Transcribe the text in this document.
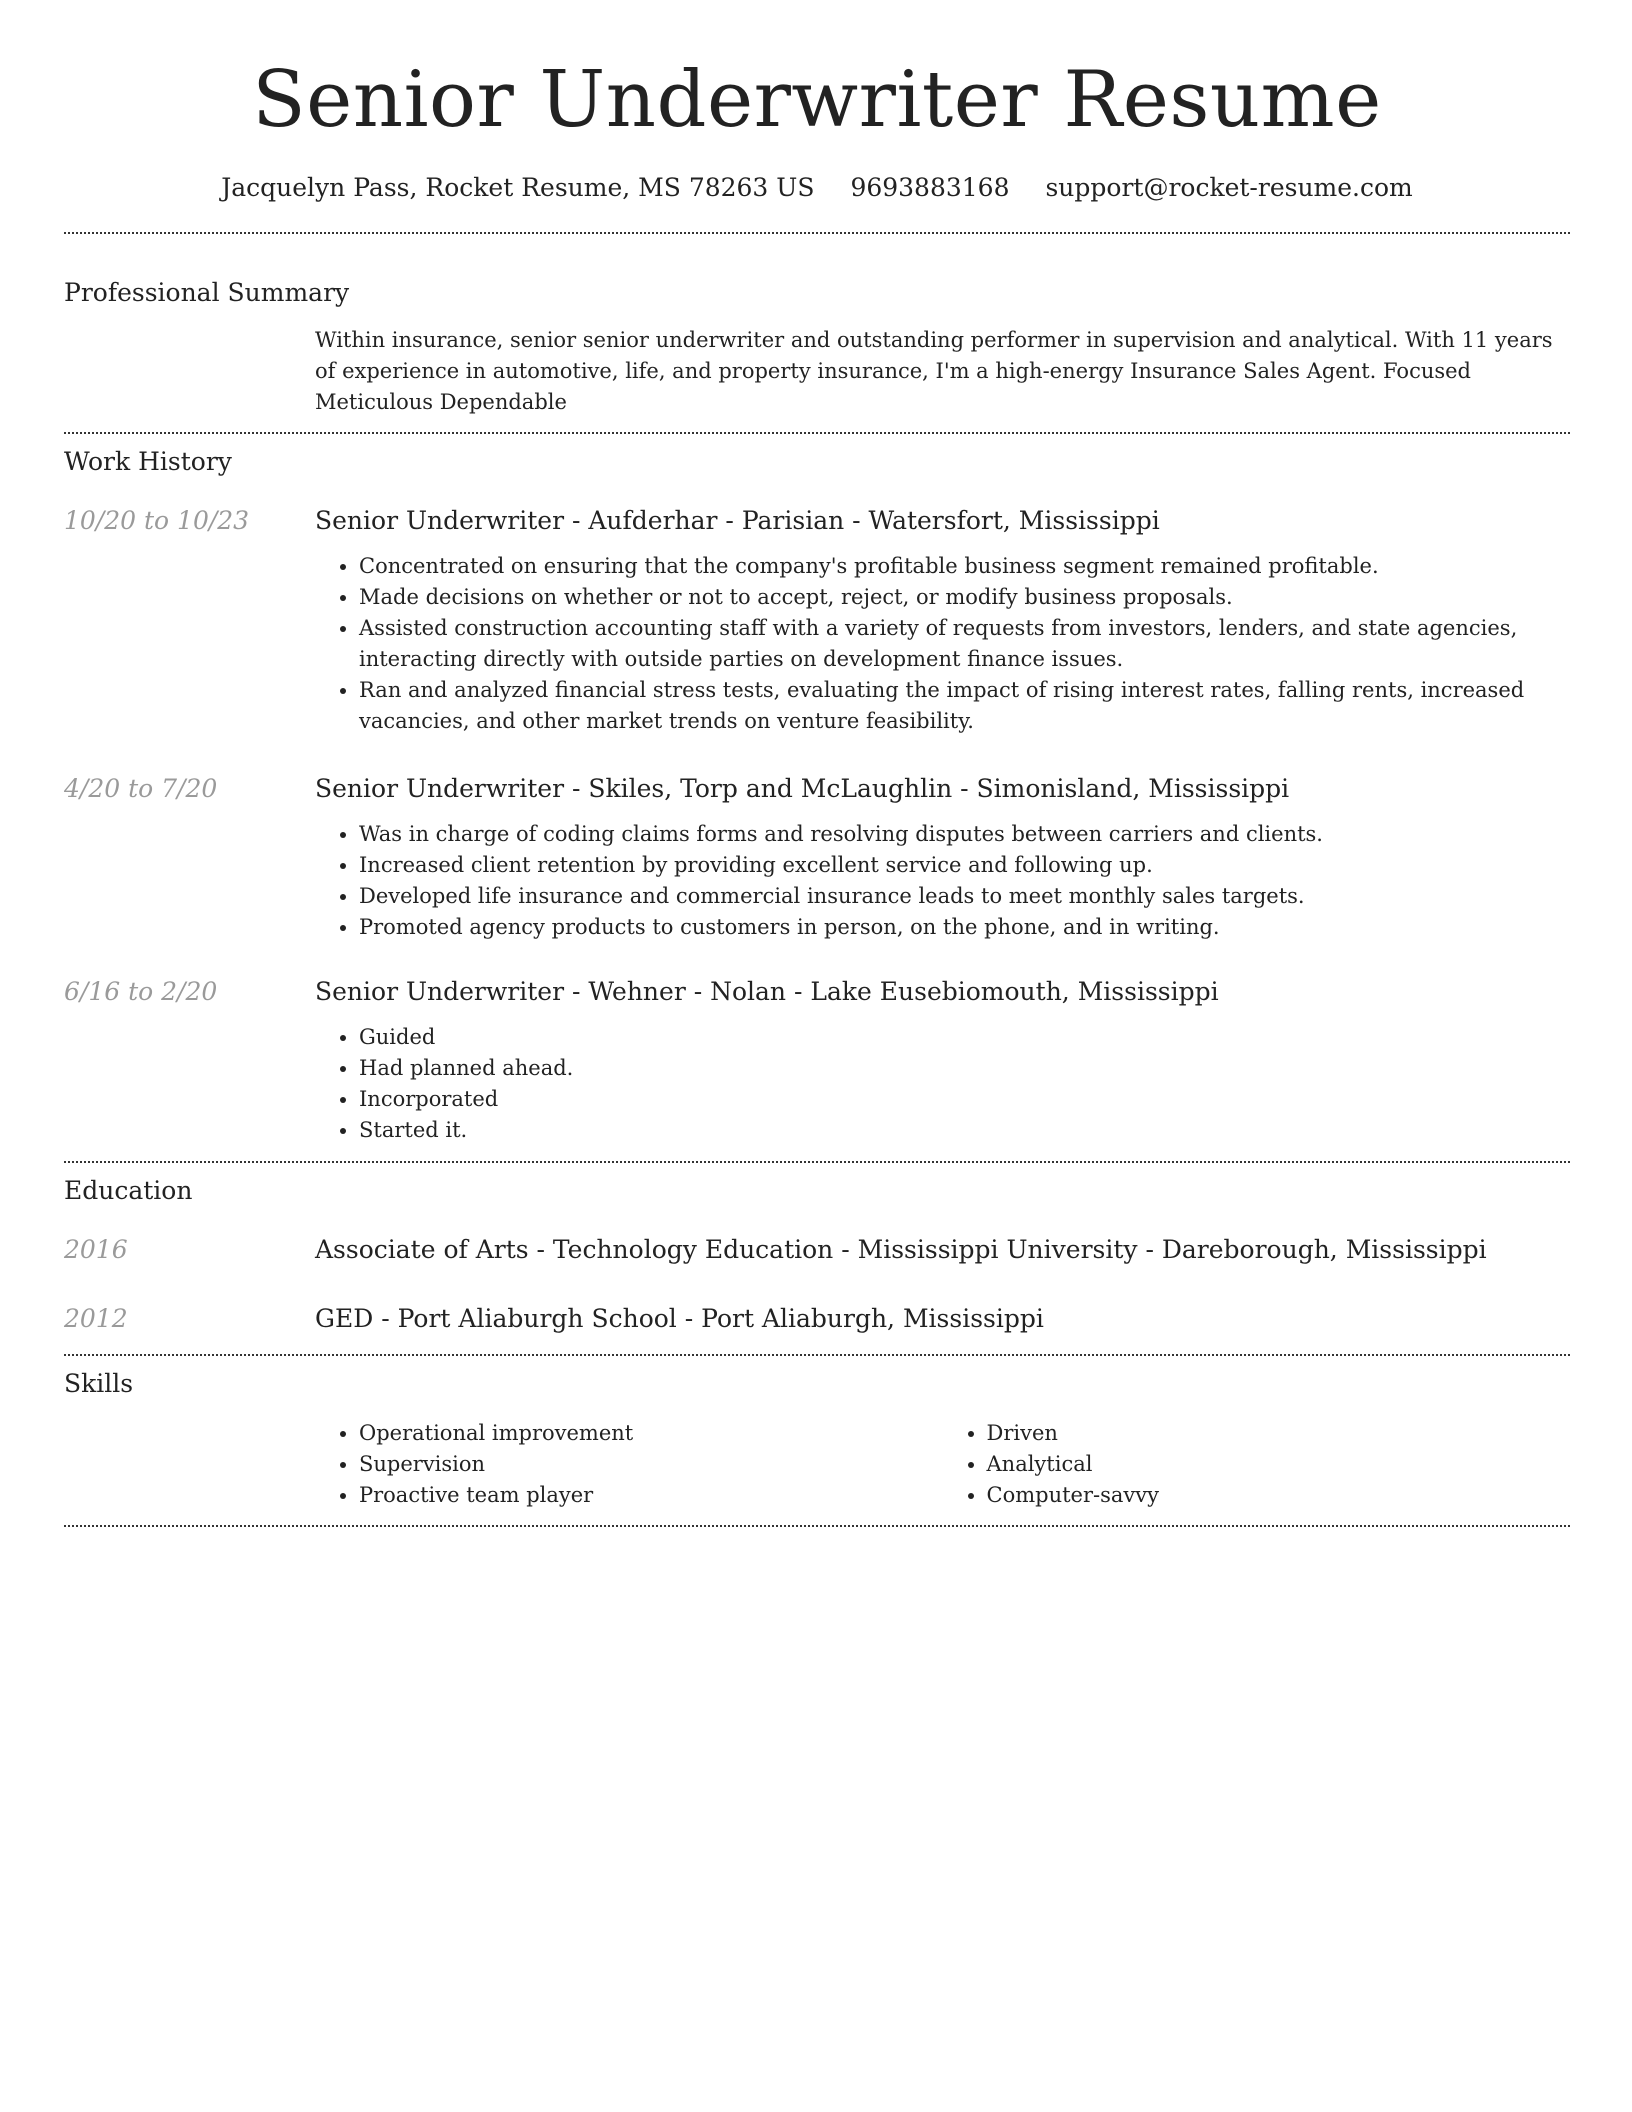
Senior Underwriter Resume
Jacquelyn Pass, Rocket Resume, MS 78263 US 9693883168 support@rocket-resume.com
Professional Summary

Within insurance, senior senior underwriter and outstanding performer in supervision and analytical. With 11 years of experience in automotive, life, and property insurance, I'm a high-energy Insurance Sales Agent. Focused Meticulous Dependable

Work History
10/20 to 10/23	Senior Underwriter - Aufderhar - Parisian - Watersfort, Mississippi
• Concentrated on ensuring that the company's profitable business segment remained profitable.
• Made decisions on whether or not to accept, reject, or modify business proposals.
• Assisted construction accounting staff with a variety of requests from investors, lenders, and state agencies, interacting directly with outside parties on development finance issues.
• Ran and analyzed financial stress tests, evaluating the impact of rising interest rates, falling rents, increased vacancies, and other market trends on venture feasibility.
4/20 to 7/20	Senior Underwriter - Skiles, Torp and McLaughlin - Simonisland, Mississippi
• Was in charge of coding claims forms and resolving disputes between carriers and clients.
• Increased client retention by providing excellent service and following up.
• Developed life insurance and commercial insurance leads to meet monthly sales targets.
• Promoted agency products to customers in person, on the phone, and in writing.
6/16 to 2/20	Senior Underwriter - Wehner - Nolan - Lake Eusebiomouth, Mississippi
• Guided
• Had planned ahead.
• Incorporated
• Started it.
Education
2016	Associate of Arts - Technology Education - Mississippi University - Dareborough, Mississippi
2012	GED - Port Aliaburgh School - Port Aliaburgh, Mississippi
Skills
• Operational improvement
• Supervision
• Proactive team player
• Driven
• Analytical
• Computer-savvy
